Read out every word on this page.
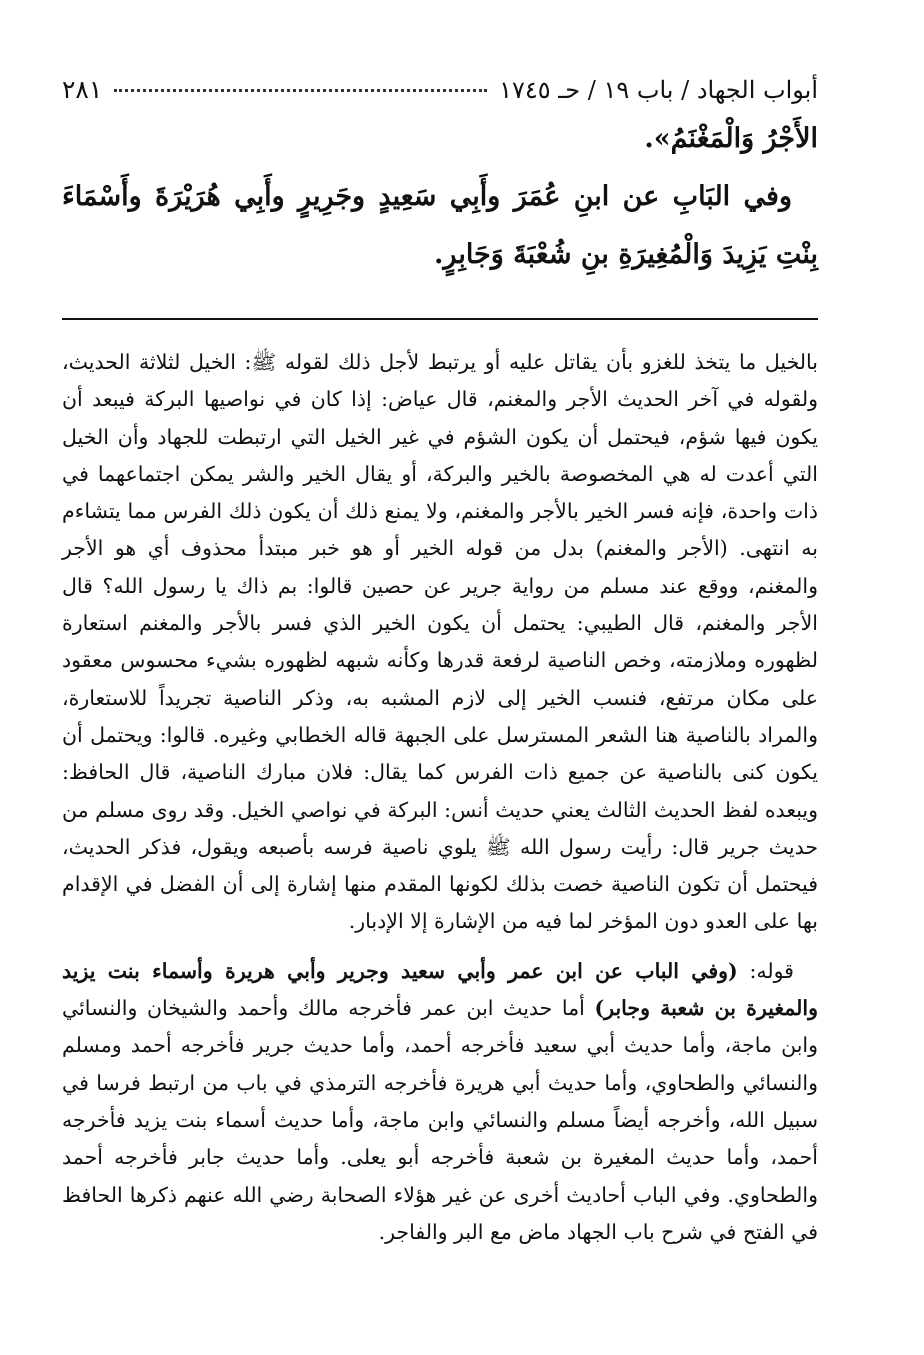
أبواب الجهاد / باب ١٩ / حـ ١٧٤٥
٢٨١

الأَجْرُ وَالْمَغْنَمُ».

وفي البَابِ عن ابنِ عُمَرَ وأَبِي سَعِيدٍ وجَرِيرٍ وأَبِي هُرَيْرَةَ وأَسْمَاءَ بِنْتِ يَزِيدَ وَالْمُغِيرَةِ بنِ شُعْبَةَ وَجَابِرٍ.

بالخيل ما يتخذ للغزو بأن يقاتل عليه أو يرتبط لأجل ذلك لقوله ﷺ: الخيل لثلاثة الحديث، ولقوله في آخر الحديث الأجر والمغنم، قال عياض: إذا كان في نواصيها البركة فيبعد أن يكون فيها شؤم، فيحتمل أن يكون الشؤم في غير الخيل التي ارتبطت للجهاد وأن الخيل التي أعدت له هي المخصوصة بالخير والبركة، أو يقال الخير والشر يمكن اجتماعهما في ذات واحدة، فإنه فسر الخير بالأجر والمغنم، ولا يمنع ذلك أن يكون ذلك الفرس مما يتشاءم به انتهى. (الأجر والمغنم) بدل من قوله الخير أو هو خبر مبتدأ محذوف أي هو الأجر والمغنم، ووقع عند مسلم من رواية جرير عن حصين قالوا: بم ذاك يا رسول الله؟ قال الأجر والمغنم، قال الطيبي: يحتمل أن يكون الخير الذي فسر بالأجر والمغنم استعارة لظهوره وملازمته، وخص الناصية لرفعة قدرها وكأنه شبهه لظهوره بشيء محسوس معقود على مكان مرتفع، فنسب الخير إلى لازم المشبه به، وذكر الناصية تجريداً للاستعارة، والمراد بالناصية هنا الشعر المسترسل على الجبهة قاله الخطابي وغيره. قالوا: ويحتمل أن يكون كنى بالناصية عن جميع ذات الفرس كما يقال: فلان مبارك الناصية، قال الحافظ: ويبعده لفظ الحديث الثالث يعني حديث أنس: البركة في نواصي الخيل. وقد روى مسلم من حديث جرير قال: رأيت رسول الله ﷺ يلوي ناصية فرسه بأصبعه ويقول، فذكر الحديث، فيحتمل أن تكون الناصية خصت بذلك لكونها المقدم منها إشارة إلى أن الفضل في الإقدام بها على العدو دون المؤخر لما فيه من الإشارة إلا الإدبار.

قوله: (وفي الباب عن ابن عمر وأبي سعيد وجرير وأبي هريرة وأسماء بنت يزيد والمغيرة بن شعبة وجابر) أما حديث ابن عمر فأخرجه مالك وأحمد والشيخان والنسائي وابن ماجة، وأما حديث أبي سعيد فأخرجه أحمد، وأما حديث جرير فأخرجه أحمد ومسلم والنسائي والطحاوي، وأما حديث أبي هريرة فأخرجه الترمذي في باب من ارتبط فرسا في سبيل الله، وأخرجه أيضاً مسلم والنسائي وابن ماجة، وأما حديث أسماء بنت يزيد فأخرجه أحمد، وأما حديث المغيرة بن شعبة فأخرجه أبو يعلى. وأما حديث جابر فأخرجه أحمد والطحاوي. وفي الباب أحاديث أخرى عن غير هؤلاء الصحابة رضي الله عنهم ذكرها الحافظ في الفتح في شرح باب الجهاد ماض مع البر والفاجر.
